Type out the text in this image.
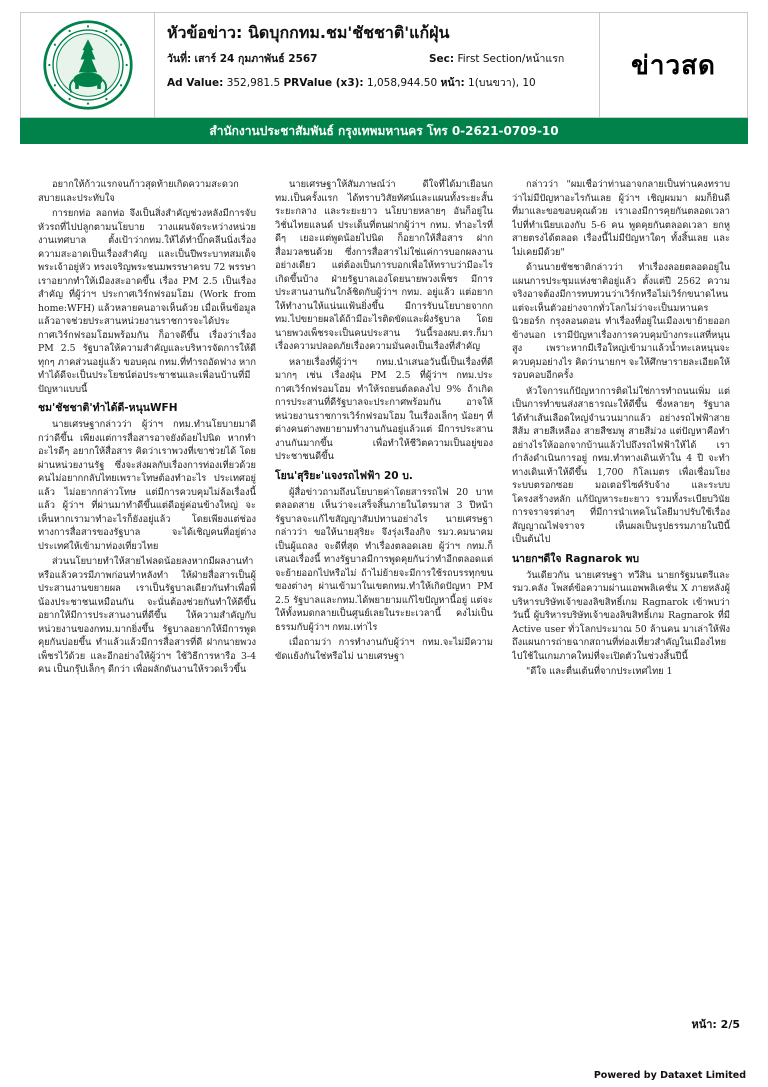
หัวข้อข่าว: นิดบุกกทม.ชม'ชัชชาติ'แก้ฝุ่น
วันที่: เสาร์ 24 กุมภาพันธ์ 2567	Sec: First Section/หน้าแรก
Ad Value: 352,981.5 PRValue (x3): 1,058,944.50 หน้า: 1(บนขวา), 10
ข่าวสด
สำนักงานประชาสัมพันธ์ กรุงเทพมหานคร โทร 0-2621-0709-10

อยากให้ก้าวแรกจนก้าวสุดท้ายเกิดความสะดวกสบายและประทับใจ

การยกท่อ ลอกท่อ จึงเป็นสิ่งสำคัญช่วงหลังมีการจับหัวรถที่ไปปลูกตามนโยบาย วางแผนจัดระหว่างหน่วยงานเทศบาล ตั้งเป้าว่ากทม.ให้ได้ทำบิ๊กคลีนนิ่งเรื่องความสะอาดเป็นเรื่องสำคัญ และเป็นปีพระบาทสมเด็จพระเจ้าอยู่หัว ทรงเจริญพระชนมพรรษาครบ 72 พรรษา เราอยากทำให้เมืองสะอาดขึ้น เรื่อง PM 2.5 เป็นเรื่องสำคัญ ที่ผู้ว่าฯ ประกาศเวิร์กฟรอมโฮม (Work from home:WFH) แล้วหลายคนอาจเห็นด้วย เมื่อเห็นข้อมูลแล้วอาจช่วยประสานหน่วยงานราชการจะได้ประกาศเวิร์กฟรอมโฮมพร้อมกัน ก็อาจดีขึ้น เรื่องว่าเรื่อง PM 2.5 รัฐบาลให้ความสำคัญและบริหารจัดการให้ดีทุกๆ ภาคส่วนอยู่แล้ว ขอบคุณ กทม.ที่ทำรถอัดฟาง หากทำได้ดีจะเป็นประโยชน์ต่อประชาชนและเพื่อนบ้านที่มีปัญหาแบบนี้

ชม'ชัชชาติ'ทำได้ดี-หนุนWFH

นายเศรษฐากล่าวว่า ผู้ว่าฯ กทม.ทำนโยบายมาดีกว่าดีขึ้น เพียงแต่การสื่อสารอาจยังด้อยไปนิด หากทำอะไรดีๆ อยากให้สื่อสาร คิดว่าเราพวงที่เขาช่วยได้ โดยผ่านหน่วยงานรัฐ ซึ่งจะส่งผลกับเรื่องการท่องเที่ยวด้วย คนไม่อยากกลับไทยเพราะโทษต้องทำอะไร ประเทศอยู่แล้ว ไม่อยากกล่าวโทษ แต่มีการควบคุมไม่ล้อเรื่องนี้แล้ว ผู้ว่าฯ ที่ผ่านมาทำดีขึ้นแต่ดีอยู่ค่อนข้างใหญ่ จะเห็นหากเรามาทำอะไรก็ยังอยู่แล้ว โดยเพียงแต่ช่องทางการสื่อสารของรัฐบาล จะได้เชิญคนที่อยู่ต่างประเทศให้เข้ามาท่องเที่ยวไทย

ส่วนนโยบายทำให้สายไฟลดน้อยลงหากมีผลงานทำหรือแล้วควรมีภาพก่อนทำหลังทำ ให้ฝ่ายสื่อสารเป็นผู้ประสานงานขยายผล เราเป็นรัฐบาลเดียวกันทำเพื่อพี่น้องประชาชนเหมือนกัน จะนั่นต้องช่วยกันทำให้ดีขึ้น อยากให้มีการประสานงานที่ดีขึ้น ให้ความสำคัญกับหน่วยงานของกทม.มากยิ่งขึ้น รัฐบาลอยากให้มีการพูดคุยกันบ่อยขึ้น ทำแล้วแล้วมีการสื่อสารที่ดี ฝากนายพวงเพ็ชรไว้ด้วย และอีกอย่างให้ผู้ว่าฯ ใช้วิธีการหารือ 3-4 คน เป็นกรุ๊ปเล็กๆ ดีกว่า เพื่อผลักดันงานให้รวดเร็วขึ้น

นายเศรษฐาให้สัมภาษณ์ว่า ดีใจที่ได้มาเยือนกทม.เป็นครั้งแรก ได้ทราบวิสัยทัศน์และแผนทั้งระยะสั้น ระยะกลาง และระยะยาว นโยบายหลายๆ อันก็อยู่ในวิชั่นไทยแลนด์ ประเด็นที่ตนฝากผู้ว่าฯ กทม. ทำอะไรที่ดีๆ เยอะแต่พูดน้อยไปนิด ก็อยากให้สื่อสาร ฝากสื่อมวลชนด้วย ซึ่งการสื่อสารไม่ใช่แค่การบอกผลงานอย่างเดียว แต่ต้องเป็นการบอกเพื่อให้ทราบว่ามีอะไรเกิดขึ้นบ้าง ฝ่ายรัฐบาลเองโดยนายพวงเพ็ชร มีการประสานงานกันใกล้ชิดกับผู้ว่าฯ กทม. อยู่แล้ว แต่อยากให้ทำงานให้แน่นแฟ้นยิ่งขึ้น มีการรับนโยบายจากกทม.ไปขยายผลได้ถ้ามีอะไรติดขัดและฝั่งรัฐบาล โดยนายพวงเพ็ชรจะเป็นคนประสาน วันนี้รองผบ.ตร.ก็มาเรื่องความปลอดภัยเรื่องความมั่นคงเป็นเรื่องที่สำคัญ

หลายเรื่องที่ผู้ว่าฯ กทม.นำเสนอวันนี้เป็นเรื่องที่ดีมากๆ เช่น เรื่องฝุ่น PM 2.5 ที่ผู้ว่าฯ กทม.ประกาศเวิร์กฟรอมโฮม ทำให้รถยนต์ลดลงไป 9% ถ้าเกิดการประสานที่ดีรัฐบาลจะประกาศพร้อมกัน อาจให้หน่วยงานราชการเวิร์กฟรอมโฮม ในเรื่องเล็กๆ น้อยๆ ที่ต่างคนต่างพยายามทำงานกันอยู่แล้วแต่ มีการประสานงานกันมากขึ้น เพื่อทำให้ชีวิตความเป็นอยู่ของประชาชนดีขึ้น

โยน'สุริยะ'แจงรถไฟฟ้า 20 บ.

ผู้สื่อข่าวถามถึงนโยบายค่าโดยสารรถไฟ 20 บาทตลอดสาย เห็นว่าจะเสร็จสิ้นภายในไตรมาส 3 ปีหน้า รัฐบาลจะแก้ไขสัญญาสัมปทานอย่างไร นายเศรษฐากล่าวว่า ขอให้นายสุริยะ จึงรุ่งเรืองกิจ รมว.คมนาคมเป็นผู้แถลง จะดีที่สุด ทำเรื่องตลอดเลย ผู้ว่าฯ กทม.ก็เสนอเรื่องนี้ ทางรัฐบาลมีการพูดคุยกันว่าทำอีกตลอดแต่จะย้ายออกไปหรือไม่ ถ้าไม่ย้ายจะมีการใช้รถบรรทุกขนของต่างๆ ผ่านเข้ามาในเขตกทม.ทำให้เกิดปัญหา PM 2.5 รัฐบาลและกทม.ได้พยายามแก้ไขปัญหานี้อยู่ แต่จะให้ทั้งหมดกลายเป็นศูนย์เลยในระยะเวลานี้ คงไม่เป็นธรรมกับผู้ว่าฯ กทม.เท่าไร

เมื่อถามว่า การทำงานกับผู้ว่าฯ กทม.จะไม่มีความขัดแย้งกันใช่หรือไม่ นายเศรษฐา

กล่าวว่า "ผมเชื่อว่าท่านอาจกลายเป็นท่านคงทราบว่าไม่มีปัญหาอะไรกันเลย ผู้ว่าฯ เชิญผมมา ผมก็ยินดีที่มาและขอขอบคุณด้วย เราเองมีการคุยกันตลอดเวลาไปที่ทำเนียบเองกับ 5-6 คน พูดคุยกันตลอดเวลา ยกหูสายตรงได้ตลอด เรื่องนี้ไม่มีปัญหาใดๆ ทั้งสิ้นเลย และไม่เคยมีด้วย"

ด้านนายชัชชาติกล่าวว่า ทำเรื่องลอยตลอดอยู่ในแผนการประชุมแห่งชาติอยู่แล้ว ตั้งแต่ปี 2562 ความจริงอาจต้องมีการทบทวนว่าเวิร์กหรือไม่เวิร์กขนาดไหน แต่จะเห็นตัวอย่างจากทั่วโลกไม่ว่าจะเป็นมหานครนิวยอร์ก กรุงลอนดอน ทำเรื่องที่อยู่ในเมืองเขาย้ายออกข้างนอก เรามีปัญหาเรื่องการควบคุมบ้างกระแสที่หนุนสูง เพราะหากมีเรือใหญ่เข้ามาแล้วน้ำทะเลหนุนจะควบคุมอย่างไร คิดว่านายกฯ จะให้ศึกษารายละเอียดให้รอบคอบอีกครั้ง

หัวใจการแก้ปัญหาการติดไม่ใช่การทำถนนเพิ่ม แต่เป็นการทำขนส่งสาธารณะให้ดีขึ้น ซึ่งหลายๆ รัฐบาล ได้ทำเส้นเลือดใหญ่จำนวนมากแล้ว อย่างรถไฟฟ้าสายสีส้ม สายสีเหลือง สายสีชมพู สายสีม่วง แต่ปัญหาคือทำอย่างไรให้ออกจากบ้านแล้วไปถึงรถไฟฟ้าให้ได้ เรากำลังดำเนินการอยู่ กทม.ทำทางเดินเท้าใน 4 ปี จะทำทางเดินเท้าให้ดีขึ้น 1,700 กิโลเมตร เพื่อเชื่อมโยงระบบตรอกซอย มอเตอร์ไซค์รับจ้าง และระบบโครงสร้างหลัก แก้ปัญหาระยะยาว รวมทั้งระเบียบวินัยการจราจรต่างๆ ที่มีการนำเทคโนโลยีมาปรับใช้เรื่องสัญญาณไฟจราจร เห็นผลเป็นรูปธรรมภายในปีนี้เป็นต้นไป

นายกฯดีใจ Ragnarok พบ

วันเดียวกัน นายเศรษฐา ทวีสิน นายกรัฐมนตรีและรมว.คลัง โพสต์ข้อความผ่านแอพพลิเคชั่น X ภายหลังผู้บริหารบริษัทเจ้าของลิขสิทธิ์เกม Ragnarok เข้าพบว่า วันนี้ ผู้บริหารบริษัทเจ้าของลิขสิทธิ์เกม Ragnarok ที่มี Active user ทั่วโลกประมาณ 50 ล้านคน มาเล่าให้ฟังถึงแผนการถ่ายฉากสถานที่ท่องเที่ยวสำคัญในเมืองไทยไปใช้ในเกมภาคใหม่ที่จะเปิดตัวในช่วงสิ้นปีนี้

"ดีใจ และตื่นเต้นที่จากประเทศไทย 1

หน้า: 2/5
Powered by Dataxet Limited
